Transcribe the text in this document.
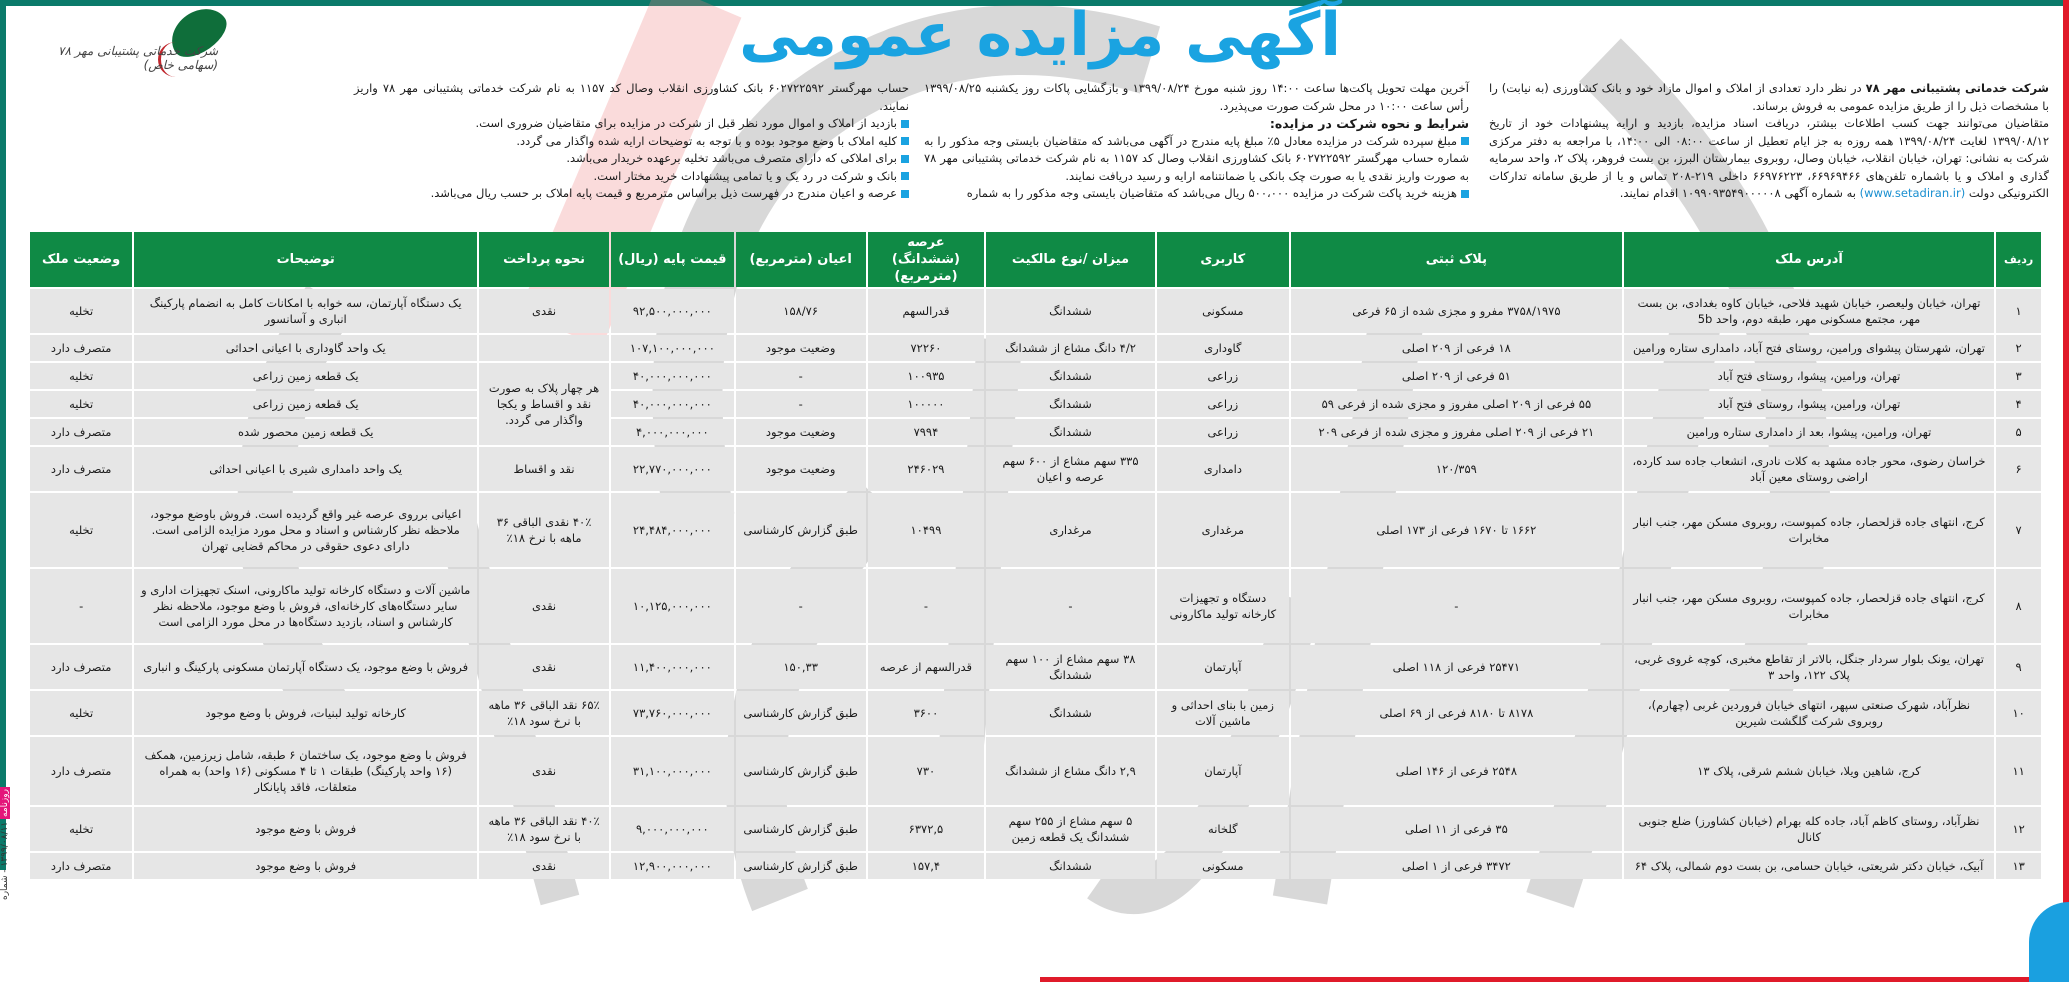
روزنامه ۱۳۹۹/۰۸/۱۱ - شماره
شرکت خدماتی پشتیبانی مهر ۷۸ (سهامی خاص)	آگهی مزایده عمومی

شرکت خدماتی پشتیبانی مهر ۷۸ در نظر دارد تعدادی از املاک و اموال مازاد خود و بانک کشاورزی (به نیابت) را با مشخصات ذیل را از طریق مزایده عمومی به فروش برساند.

متقاضیان می‌توانند جهت کسب اطلاعات بیشتر، دریافت اسناد مزایده، بازدید و ارایه پیشنهادات خود از تاریخ ۱۳۹۹/۰۸/۱۲ لغایت ۱۳۹۹/۰۸/۲۴ همه روزه به جز ایام تعطیل از ساعت ۰۸:۰۰ الی ۱۴:۰۰، با مراجعه به دفتر مرکزی شرکت به نشانی: تهران، خیابان انقلاب، خیابان وصال، روبروی بیمارستان البرز، بن بست فروهر، پلاک ۲، واحد سرمایه گذاری و املاک و یا باشماره تلفن‌های ۶۶۹۶۹۴۶۶، ۶۶۹۷۶۲۲۳ داخلی ۲۱۹-۲۰۸ تماس و یا از طریق سامانه تدارکات الکترونیکی دولت (www.setadiran.ir) به شماره آگهی ۱۰۹۹۰۹۳۵۴۹۰۰۰۰۰۸ اقدام نمایند.

آخرین مهلت تحویل پاکت‌ها ساعت ۱۴:۰۰ روز شنبه مورخ ۱۳۹۹/۰۸/۲۴ و بازگشایی پاکات روز یکشنبه ۱۳۹۹/۰۸/۲۵ رأس ساعت ۱۰:۰۰ در محل شرکت صورت می‌پذیرد.

شرایط و نحوه شرکت در مزایده:

مبلغ سپرده شرکت در مزایده معادل ۵٪ مبلغ پایه مندرج در آگهی می‌باشد که متقاضیان بایستی وجه مذکور را به شماره حساب مهرگستر ۶۰۲۷۲۲۵۹۲ بانک کشاورزی انقلاب وصال کد ۱۱۵۷ به نام شرکت خدماتی پشتیبانی مهر ۷۸ به صورت واریز نقدی یا به صورت چک بانکی یا ضمانتنامه ارایه و رسید دریافت نمایند.

هزینه خرید پاکت شرکت در مزایده ۵۰۰،۰۰۰ ریال می‌باشد که متقاضیان بایستی وجه مذکور را به شماره

حساب مهرگستر ۶۰۲۷۲۲۵۹۲ بانک کشاورزی انقلاب وصال کد ۱۱۵۷ به نام شرکت خدماتی پشتیبانی مهر ۷۸ واریز نمایند.

بازدید از املاک و اموال مورد نظر قبل از شرکت در مزایده برای متقاضیان ضروری است.

کلیه املاک با وضع موجود بوده و با توجه به توضیحات ارایه شده واگذار می گردد.

برای املاکی که دارای متصرف می‌باشد تخلیه برعهده خریدار می‌باشد.

بانک و شرکت در رد یک و یا تمامی پیشنهادات خرید مختار است.

عرصه و اعیان مندرج در فهرست ذیل براساس مترمربع و قیمت پایه املاک بر حسب ریال می‌باشد.

ردیف	آدرس ملک	پلاک ثبتی	کاربری	میزان /نوع مالکیت	عرصه (ششدانگ) (مترمربع)	اعیان (مترمربع)	قیمت پایه (ریال)	نحوه پرداخت	توضیحات	وضعیت ملک
۱	تهران، خیابان ولیعصر، خیابان شهید فلاحی، خیابان کاوه بغدادی، بن بست مهر، مجتمع مسکونی مهر، طبقه دوم، واحد 5b	۳۷۵۸/۱۹۷۵ مفرو و مجزی شده از ۶۵ فرعی	مسکونی	ششدانگ	قدرالسهم	۱۵۸/۷۶	۹۲,۵۰۰,۰۰۰,۰۰۰	نقدی	یک دستگاه آپارتمان، سه خوابه با امکانات کامل به انضمام پارکینگ انباری و آسانسور	تخلیه
۲	تهران، شهرستان پیشوای ورامین، روستای فتح آباد، دامداری ستاره ورامین	۱۸ فرعی از ۲۰۹ اصلی	گاوداری	۴/۲ دانگ مشاع از ششدانگ	۷۲۲۶۰	وضعیت موجود	۱۰۷,۱۰۰,۰۰۰,۰۰۰		یک واحد گاوداری با اعیانی احداثی	متصرف دارد
۳	تهران، ورامین، پیشوا، روستای فتح آباد	۵۱ فرعی از ۲۰۹ اصلی	زراعی	ششدانگ	۱۰۰۹۳۵	-	۴۰,۰۰۰,۰۰۰,۰۰۰	هر چهار پلاک به صورت نقد و اقساط و یکجا واگذار می گردد.	یک قطعه زمین زراعی	تخلیه
۴	تهران، ورامین، پیشوا، روستای فتح آباد	۵۵ فرعی از ۲۰۹ اصلی مفروز و مجزی شده از فرعی ۵۹	زراعی	ششدانگ	۱۰۰۰۰۰	-	۴۰,۰۰۰,۰۰۰,۰۰۰		یک قطعه زمین زراعی	تخلیه
۵	تهران، ورامین، پیشوا، بعد از دامداری ستاره ورامین	۲۱ فرعی از ۲۰۹ اصلی مفروز و مجزی شده از فرعی ۲۰۹	زراعی	ششدانگ	۷۹۹۴	وضعیت موجود	۴,۰۰۰,۰۰۰,۰۰۰		یک قطعه زمین محصور شده	متصرف دارد
۶	خراسان رضوی، محور جاده مشهد به کلات نادری، انشعاب جاده سد کارده، اراضی روستای معین آباد	۱۲۰/۳۵۹	دامداری	۳۳۵ سهم مشاع از ۶۰۰ سهم عرصه و اعیان	۲۴۶۰۲۹	وضعیت موجود	۲۲,۷۷۰,۰۰۰,۰۰۰	نقد و اقساط	یک واحد دامداری شیری با اعیانی احداثی	متصرف دارد
۷	کرج، انتهای جاده قزلحصار، جاده کمپوست، روبروی مسکن مهر، جنب انبار مخابرات	۱۶۶۲ تا ۱۶۷۰ فرعی از ۱۷۳ اصلی	مرغداری	مرغداری	۱۰۴۹۹	طبق گزارش کارشناسی	۲۴,۴۸۴,۰۰۰,۰۰۰	۴۰٪ نقدی الباقی ۳۶ ماهه با نرخ ۱۸٪	اعیانی برروی عرصه غیر واقع گردیده است. فروش باوضع موجود، ملاحظه نظر کارشناس و اسناد و محل مورد مزایده الزامی است. دارای دعوی حقوقی در محاکم قضایی تهران	تخلیه
۸	کرج، انتهای جاده قزلحصار، جاده کمپوست، روبروی مسکن مهر، جنب انبار مخابرات	-	دستگاه و تجهیزات کارخانه تولید ماکارونی	-	-	-	۱۰,۱۲۵,۰۰۰,۰۰۰	نقدی	ماشین آلات و دستگاه کارخانه تولید ماکارونی، اسنک تجهیزات اداری و سایر دستگاه‌های کارخانه‌ای، فروش با وضع موجود، ملاحظه نظر کارشناس و اسناد، بازدید دستگاه‌ها در محل مورد الزامی است	-
۹	تهران، یونک بلوار سردار جنگل، بالاتر از تقاطع مخبری، کوچه غروی غربی، پلاک ۱۲۲، واحد ۳	۲۵۴۷۱ فرعی از ۱۱۸ اصلی	آپارتمان	۳۸ سهم مشاع از ۱۰۰ سهم ششدانگ	قدرالسهم از عرصه	۱۵۰,۳۳	۱۱,۴۰۰,۰۰۰,۰۰۰	نقدی	فروش با وضع موجود، یک دستگاه آپارتمان مسکونی پارکینگ و انباری	متصرف دارد
۱۰	نظرآباد، شهرک صنعتی سپهر، انتهای خیابان فروردین غربی (چهارم)، روبروی شرکت گلگشت شیرین	۸۱۷۸ تا ۸۱۸۰ فرعی از ۶۹ اصلی	زمین با بنای احداثی و ماشین آلات	ششدانگ	۳۶۰۰	طبق گزارش کارشناسی	۷۳,۷۶۰,۰۰۰,۰۰۰	۶۵٪ نقد الباقی ۳۶ ماهه با نرخ سود ۱۸٪	کارخانه تولید لبنیات، فروش با وضع موجود	تخلیه
۱۱	کرج، شاهین ویلا، خیابان ششم شرقی، پلاک ۱۳	۲۵۴۸ فرعی از ۱۴۶ اصلی	آپارتمان	۲,۹ دانگ مشاع از ششدانگ	۷۳۰	طبق گزارش کارشناسی	۳۱,۱۰۰,۰۰۰,۰۰۰	نقدی	فروش با وضع موجود، یک ساختمان ۶ طبقه، شامل زیرزمین، همکف (۱۶ واحد پارکینگ) طبقات ۱ تا ۴ مسکونی (۱۶ واحد) به همراه متعلقات، فاقد پایانکار	متصرف دارد
۱۲	نظرآباد، روستای کاظم آباد، جاده کله بهرام (خیابان کشاورز) ضلع جنوبی کانال	۳۵ فرعی از ۱۱ اصلی	گلخانه	۵ سهم مشاع از ۲۵۵ سهم ششدانگ یک قطعه زمین	۶۳۷۲,۵	طبق گزارش کارشناسی	۹,۰۰۰,۰۰۰,۰۰۰	۴۰٪ نقد الباقی ۳۶ ماهه با نرخ سود ۱۸٪	فروش با وضع موجود	تخلیه
۱۳	آبیک، خیابان دکتر شریعتی، خیابان حسامی، بن بست دوم شمالی، پلاک ۶۴	۳۴۷۲ فرعی از ۱ اصلی	مسکونی	ششدانگ	۱۵۷,۴	طبق گزارش کارشناسی	۱۲,۹۰۰,۰۰۰,۰۰۰	نقدی	فروش با وضع موجود	متصرف دارد
